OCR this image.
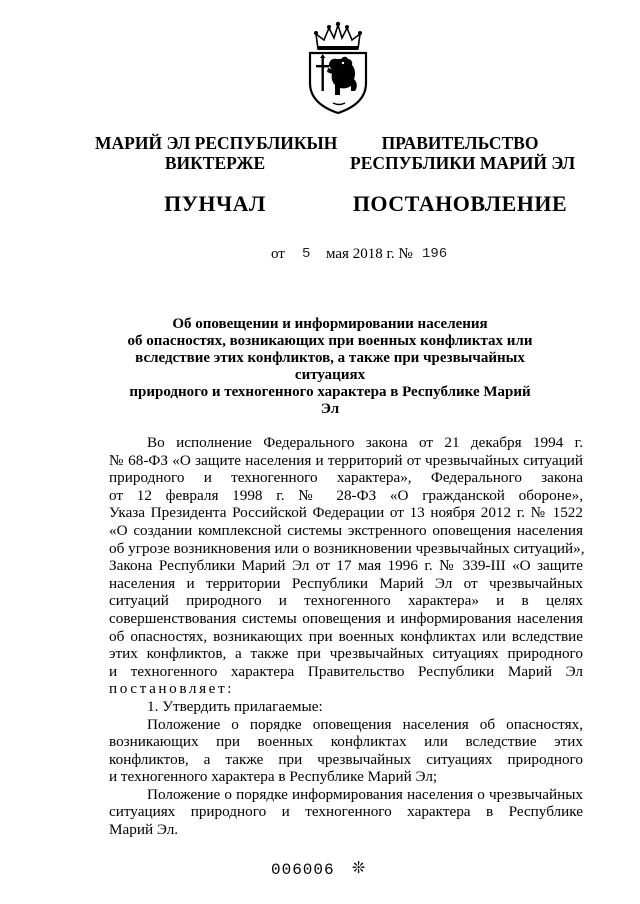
МАРИЙ ЭЛ РЕСПУБЛИКЫН
ВИКТЕРЖЕ
ПУНЧАЛ
ПРАВИТЕЛЬСТВО
РЕСПУБЛИКИ МАРИЙ ЭЛ
ПОСТАНОВЛЕНИЕ
от 5 мая 2018 г. № 196
Об оповещении и информировании населения
об опасностях, возникающих при военных конфликтах или
вследствие этих конфликтов, а также при чрезвычайных ситуациях
природного и техногенного характера в Республике Марий Эл
Во исполнение Федерального закона от 21 декабря 1994 г.
№ 68-ФЗ «О защите населения и территорий от чрезвычайных ситуаций
природного и техногенного характера», Федерального закона
от 12 февраля 1998 г. № 28-ФЗ «О гражданской обороне»,
Указа Президента Российской Федерации от 13 ноября 2012 г. № 1522
«О создании комплексной системы экстренного оповещения населения
об угрозе возникновения или о возникновении чрезвычайных ситуаций»,
Закона Республики Марий Эл от 17 мая 1996 г. № 339-III «О защите
населения и территории Республики Марий Эл от чрезвычайных
ситуаций природного и техногенного характера» и в целях
совершенствования системы оповещения и информирования населения
об опасностях, возникающих при военных конфликтах или вследствие
этих конфликтов, а также при чрезвычайных ситуациях природного
и техногенного характера Правительство Республики Марий Эл
постановляет:
1. Утвердить прилагаемые:
Положение о порядке оповещения населения об опасностях,
возникающих при военных конфликтах или вследствие этих
конфликтов, а также при чрезвычайных ситуациях природного
и техногенного характера в Республике Марий Эл;
Положение о порядке информирования населения о чрезвычайных
ситуациях природного и техногенного характера в Республике
Марий Эл.
006006 ❊
